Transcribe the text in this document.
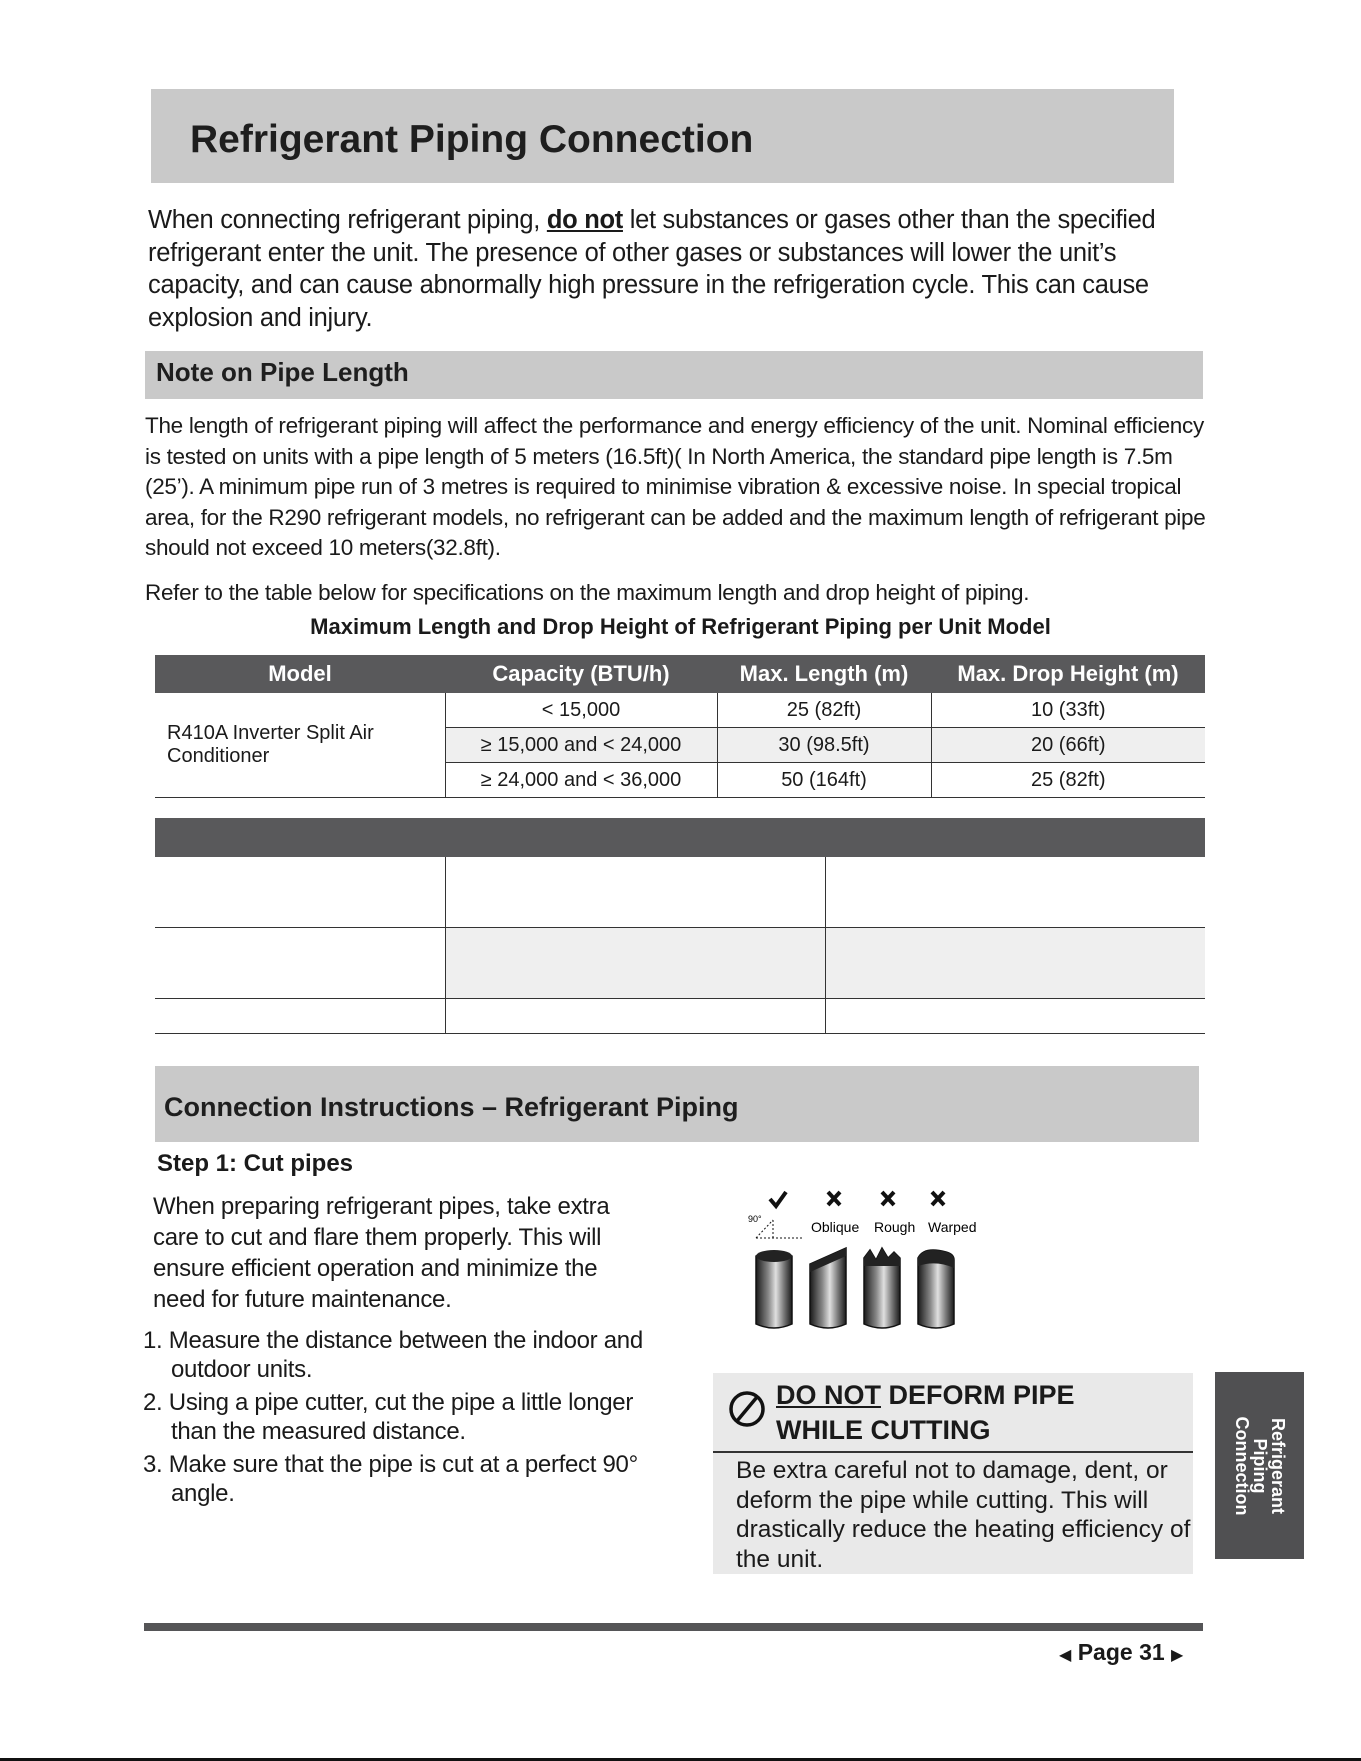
Refrigerant Piping Connection
When connecting refrigerant piping, do not let substances or gases other than the specified refrigerant enter the unit. The presence of other gases or substances will lower the unit’s capacity, and can cause abnormally high pressure in the refrigeration cycle. This can cause explosion and injury.
Note on Pipe Length
The length of refrigerant piping will affect the performance and energy efficiency of the unit. Nominal efficiency is tested on units with a pipe length of 5 meters (16.5ft)( In North America, the standard pipe length is 7.5m (25’). A minimum pipe run of 3 metres is required to minimise vibration & excessive noise. In special tropical area, for the R290 refrigerant models, no refrigerant can be added and the maximum length of refrigerant pipe should not exceed 10 meters(32.8ft).
Refer to the table below for specifications on the maximum length and drop height of piping.
Maximum Length and Drop Height of Refrigerant Piping per Unit Model
Model	Capacity (BTU/h)	Max. Length (m)	Max. Drop Height (m)
R410A Inverter Split Air Conditioner	< 15,000	25 (82ft)	10 (33ft)
	≥ 15,000 and < 24,000	30 (98.5ft)	20 (66ft)
	≥ 24,000 and < 36,000	50 (164ft)	25 (82ft)

Connection Instructions – Refrigerant Piping
Step 1: Cut pipes
When preparing refrigerant pipes, take extra care to cut and flare them properly. This will ensure efficient operation and minimize the need for future maintenance.
1. Measure the distance between the indoor and outdoor units.
2. Using a pipe cutter, cut the pipe a little longer than the measured distance.
3. Make sure that the pipe is cut at a perfect 90° angle.
90°	Oblique Rough Warped
DO NOT DEFORM PIPE
WHILE CUTTING
Be extra careful not to damage, dent, or deform the pipe while cutting. This will drastically reduce the heating efficiency of the unit.
Refrigerant
Piping
Connection
◀ Page 31 ▶
